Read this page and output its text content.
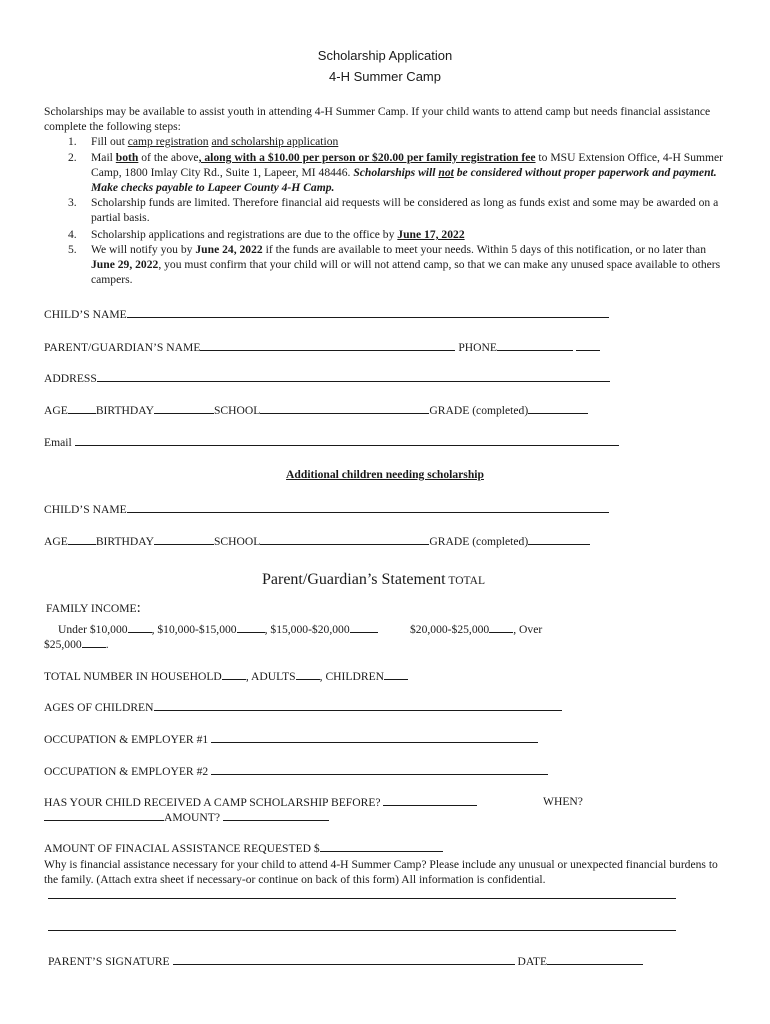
Scholarship Application
4-H Summer Camp
Scholarships may be available to assist youth in attending 4-H Summer Camp. If your child wants to attend camp but needs financial assistance complete the following steps:
1. Fill out camp registration and scholarship application
2. Mail both of the above, along with a $10.00 per person or $20.00 per family registration fee to MSU Extension Office, 4-H Summer Camp, 1800 Imlay City Rd., Suite 1, Lapeer, MI 48446. Scholarships will not be considered without proper paperwork and payment. Make checks payable to Lapeer County 4-H Camp.
3. Scholarship funds are limited. Therefore financial aid requests will be considered as long as funds exist and some may be awarded on a partial basis.
4. Scholarship applications and registrations are due to the office by June 17, 2022
5. We will notify you by June 24, 2022 if the funds are available to meet your needs. Within 5 days of this notification, or no later than June 29, 2022, you must confirm that your child will or will not attend camp, so that we can make any unused space available to others campers.
CHILD’S NAME
PARENT/GUARDIAN’S NAME	PHONE
ADDRESS
AGE BIRTHDAY	SCHOOL	GRADE (completed)
Email
Additional children needing scholarship
CHILD’S NAME
AGE BIRTHDAY	SCHOOL	GRADE (completed)
Parent/Guardian’s Statement TOTAL
FAMILY INCOME:
Under $10,000 , $10,000-$15,000 , $15,000-$20,000	$20,000-$25,000 , Over
$25,000 .
TOTAL NUMBER IN HOUSEHOLD , ADULTS , CHILDREN
AGES OF CHILDREN
OCCUPATION & EMPLOYER #1
OCCUPATION & EMPLOYER #2
HAS YOUR CHILD RECEIVED A CAMP SCHOLARSHIP BEFORE?	WHEN?
AMOUNT?
AMOUNT OF FINACIAL ASSISTANCE REQUESTED $
Why is financial assistance necessary for your child to attend 4-H Summer Camp? Please include any unusual or unexpected financial burdens to the family. (Attach extra sheet if necessary-or continue on back of this form) All information is confidential.
PARENT’S SIGNATURE	DATE
